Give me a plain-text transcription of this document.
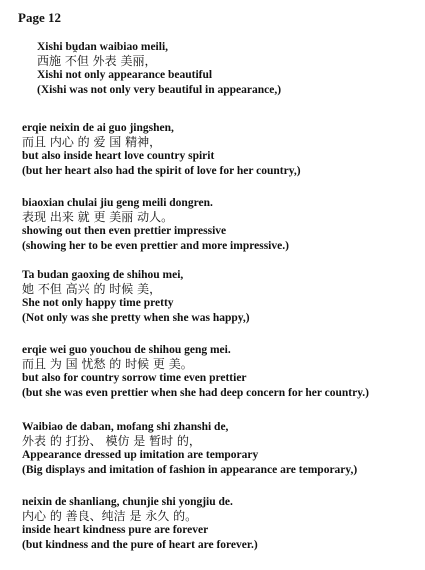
Page 12
Xishi bu̯dan waibiao meili,
西施 不但 外表 美丽，
Xishi not only appearance beautiful
(Xishi was not only very beautiful in appearance,)
erqie neixin de ai guo jingshen,
而且 内心 的 爱 国 精神，
but also inside heart love country spirit
(but her heart also had the spirit of love for her country,)
biaoxian chulai jiu geng meili dongren.
表现 出来 就 更 美丽 动人。
showing out then even prettier impressive
(showing her to be even prettier and more impressive.)
Ta budan gaoxing de shihou mei,
她 不但 高兴 的 时候 美，
She not only happy time pretty
(Not only was she pretty when she was happy,)
erqie wei guo youchou de shihou geng mei.
而且 为 国 忧愁 的 时候 更 美。
but also for country sorrow time even prettier
(but she was even prettier when she had deep concern for her country.)
Waibiao de daban, mofang shi zhanshi de,
外表 的 打扮、 模仿 是 暂时 的，
Appearance dressed up imitation are temporary
(Big displays and imitation of fashion in appearance are temporary,)
neixin de shanliang, chunjie shi yongjiu de.
内心 的 善良、纯洁 是 永久 的。
inside heart kindness pure are forever
(but kindness and the pure of heart are forever.)
